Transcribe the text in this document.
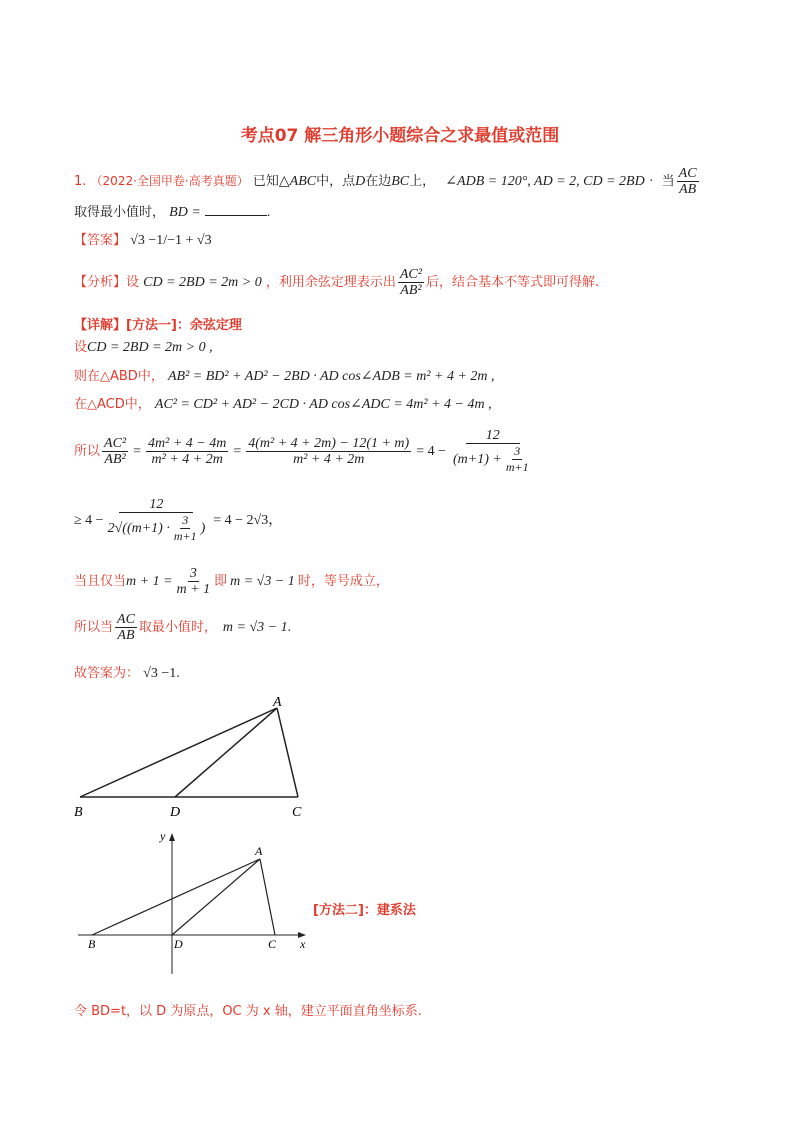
考点07 解三角形小题综合之求最值或范围
1. （2022·全国甲卷·高考真题） 已知△ABC中，点D在边BC上， ∠ADB = 120°, AD = 2, CD = 2BD · 当 $\frac{AC}{AB}$
取得最小值时， BD =	.
【答案】 √3 −1/−1 + √3
【分析】设 CD = 2BD = 2m > 0 ，利用余弦定理表示出 $\frac{\text{AC²}}{\text{AB²}}$ 后，结合基本不等式即可得解.
【详解】[方法一]：余弦定理
设CD = 2BD = 2m > 0 ,
则在△ABD中， AB² = BD² + AD² − 2BD · AD cos∠ADB = m² + 4 + 2m ,
在△ACD中， AC² = CD² + AD² − 2CD · AD cos∠ADC = 4m² + 4 − 4m ,
所以 $\frac{\text{AC²}}{\text{AB²}} = \frac{\text{4m² + 4 − 4m}}{\text{m² + 4 + 2m}} = \frac{\text{4(m² + 4 + 2m) − 12(1 + m)}}{\text{m² + 4 + 2m}} = 4 - \frac{12}{(m+1) + \frac{3}{m+1}}$
≥ $4 - \frac{12}{2√((m+1) \cdot \frac{3}{m+1} )} = 4 - 2√3$ ，
当且仅当 $m + 1 = \frac{3}{m + 1}$ 即 m = √3 − 1 时，等号成立，
所以当 $\frac{AC}{AB}$ 取最小值时， m = √3 − 1 .
故答案为： √3 −1.
A
B	D	C
y
x
A
B	D	C
[方法二]：建系法
令 BD=t，以 D 为原点，OC 为 x 轴，建立平面直角坐标系.
